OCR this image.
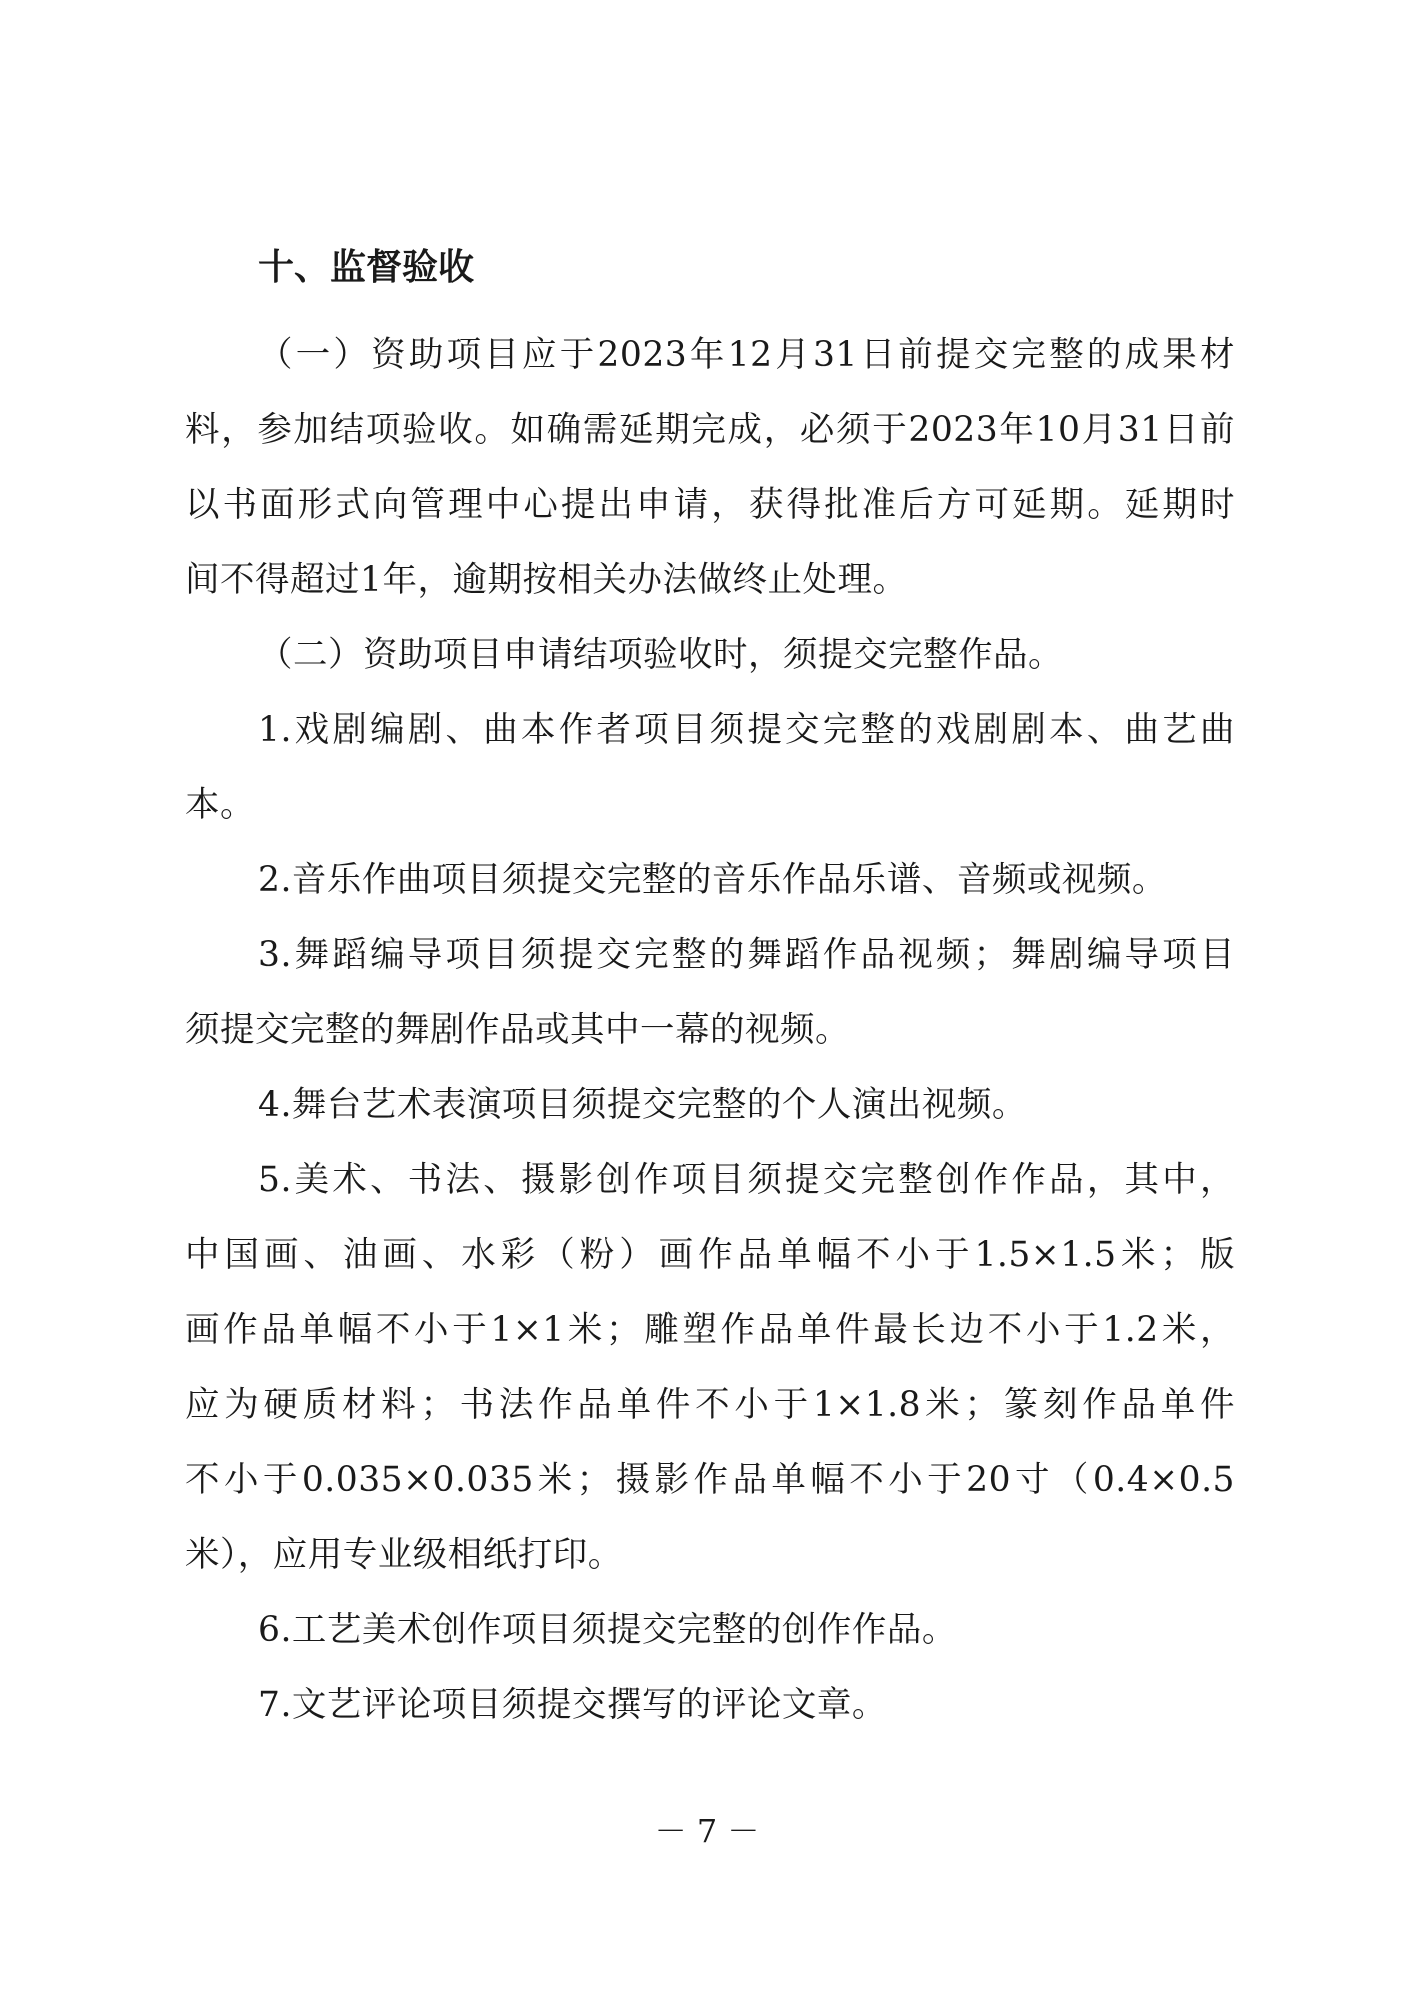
十、监督验收
（一）资助项目应于2023年12月31日前提交完整的成果材
料，参加结项验收。如确需延期完成，必须于2023年10月31日前
以书面形式向管理中心提出申请，获得批准后方可延期。延期时
间不得超过1年，逾期按相关办法做终止处理。
（二）资助项目申请结项验收时，须提交完整作品。
1.戏剧编剧、曲本作者项目须提交完整的戏剧剧本、曲艺曲
本。
2.音乐作曲项目须提交完整的音乐作品乐谱、音频或视频。
3.舞蹈编导项目须提交完整的舞蹈作品视频；舞剧编导项目
须提交完整的舞剧作品或其中一幕的视频。
4.舞台艺术表演项目须提交完整的个人演出视频。
5.美术、书法、摄影创作项目须提交完整创作作品，其中，
中国画、油画、水彩（粉）画作品单幅不小于1.5×1.5米；版
画作品单幅不小于1×1米；雕塑作品单件最长边不小于1.2米，
应为硬质材料；书法作品单件不小于1×1.8米；篆刻作品单件
不小于0.035×0.035米；摄影作品单幅不小于20寸（0.4×0.5
米），应用专业级相纸打印。
6.工艺美术创作项目须提交完整的创作作品。
7.文艺评论项目须提交撰写的评论文章。
－ 7 －
